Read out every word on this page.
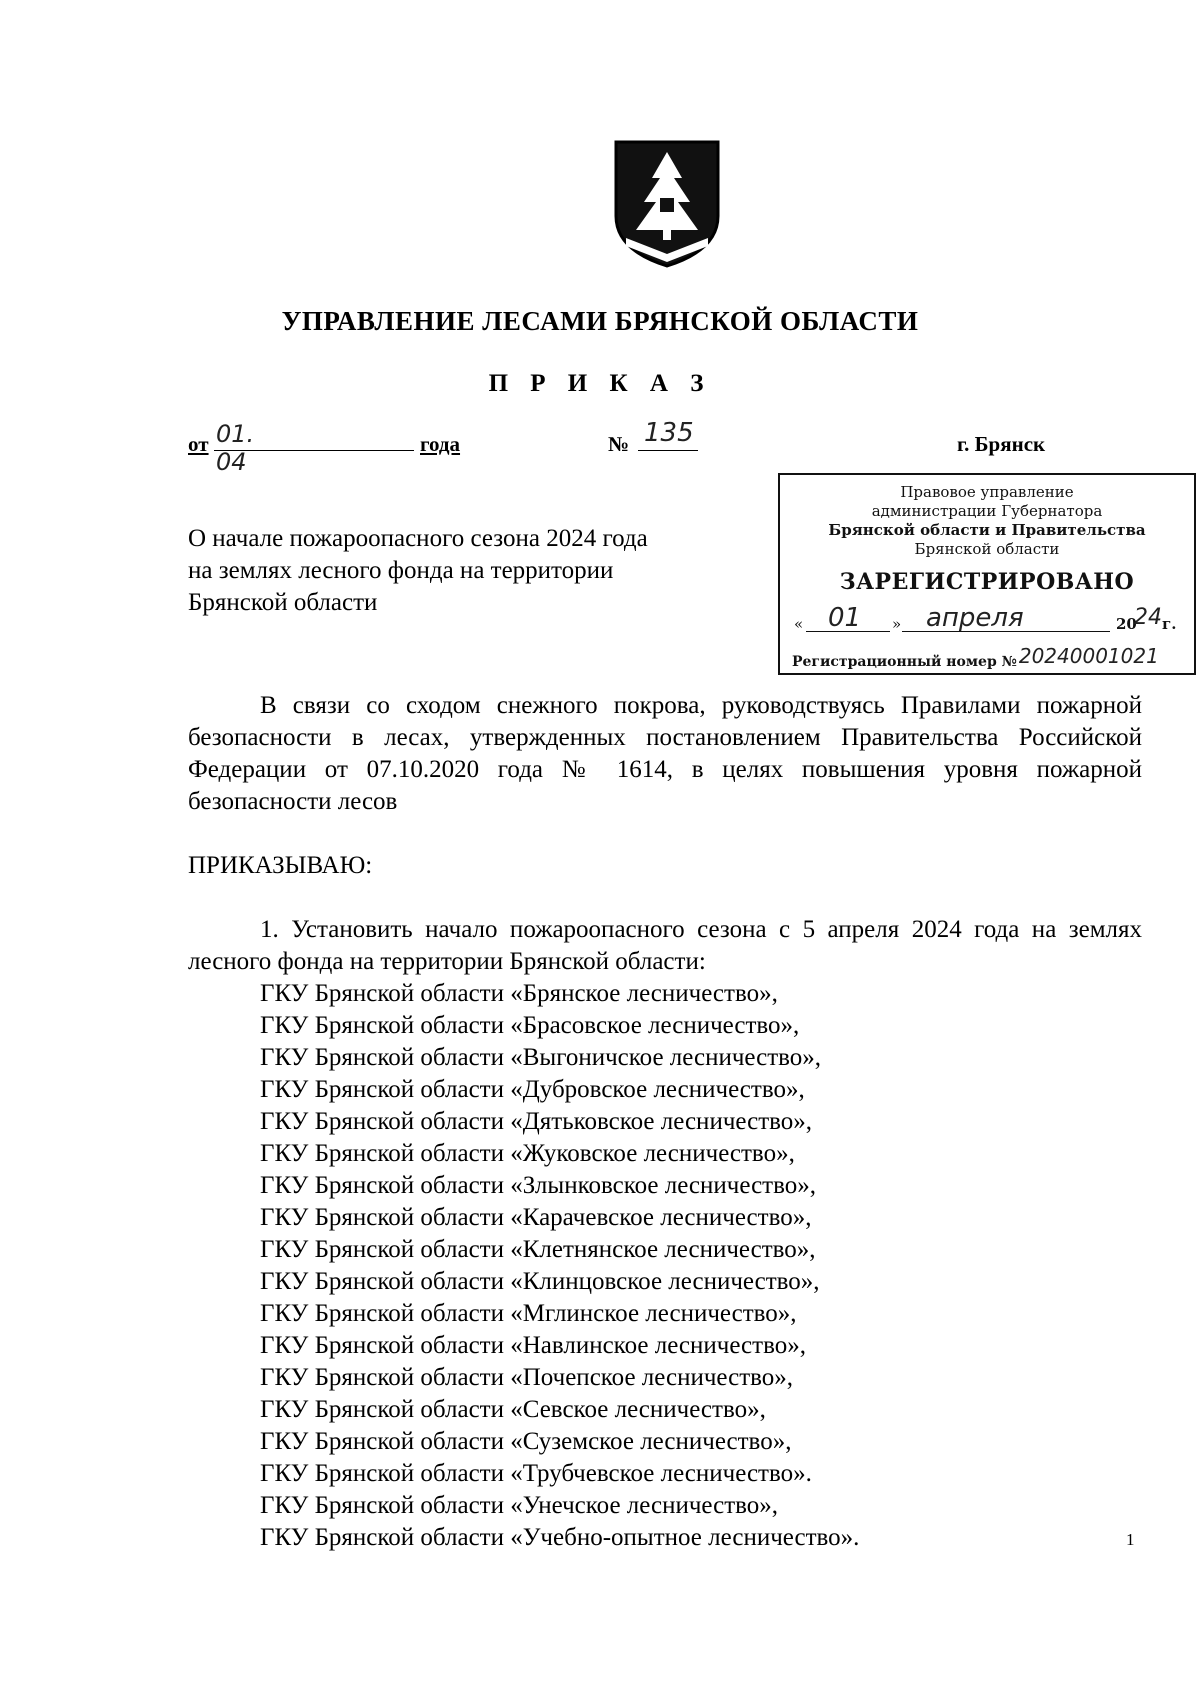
УПРАВЛЕНИЕ ЛЕСАМИ БРЯНСКОЙ ОБЛАСТИ
П Р И К А З
от 01. 04
года	№ 135	г. Брянск
Правовое управление
администрации Губернатора
Брянской области и Правительства
Брянской области
ЗАРЕГИСТРИРОВАНО
« 01 » апреля	20
24 г.
Регистрационный номер № 20240001021
О начале пожароопасного сезона 2024 года
на землях лесного фонда на территории
Брянской области
В связи со сходом снежного покрова, руководствуясь Правилами пожарной безопасности в лесах, утвержденных постановлением Правительства Российской Федерации от 07.10.2020 года № 1614, в целях повышения уровня пожарной безопасности лесов
ПРИКАЗЫВАЮ:
1. Установить начало пожароопасного сезона с 5 апреля 2024 года на землях лесного фонда на территории Брянской области:
ГКУ Брянской области «Брянское лесничество»,
ГКУ Брянской области «Брасовское лесничество»,
ГКУ Брянской области «Выгоничское лесничество»,
ГКУ Брянской области «Дубровское лесничество»,
ГКУ Брянской области «Дятьковское лесничество»,
ГКУ Брянской области «Жуковское лесничество»,
ГКУ Брянской области «Злынковское лесничество»,
ГКУ Брянской области «Карачевское лесничество»,
ГКУ Брянской области «Клетнянское лесничество»,
ГКУ Брянской области «Клинцовское лесничество»,
ГКУ Брянской области «Мглинское лесничество»,
ГКУ Брянской области «Навлинское лесничество»,
ГКУ Брянской области «Почепское лесничество»,
ГКУ Брянской области «Севское лесничество»,
ГКУ Брянской области «Суземское лесничество»,
ГКУ Брянской области «Трубчевское лесничество».
ГКУ Брянской области «Унечское лесничество»,
ГКУ Брянской области «Учебно-опытное лесничество».	1
